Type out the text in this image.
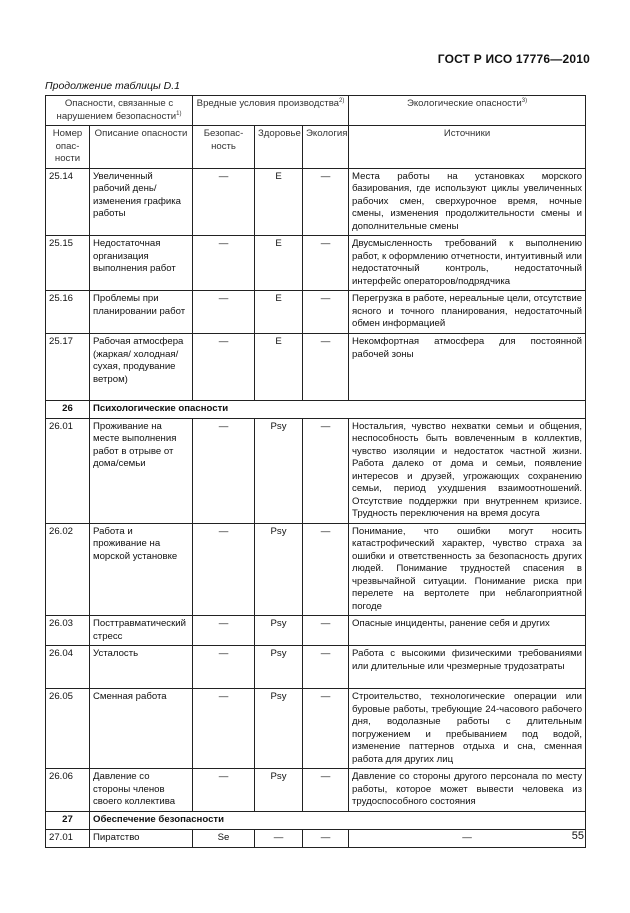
ГОСТ Р ИСО 17776—2010
Продолжение таблицы D.1
Опасности, связанные с нарушением безопасности$^{1)}$		Вредные условия производства$^{2)}$			Экологические опасности$^{3)}$
Номер опас-ности	Описание опасности	Безопас-ность	Здоровье	Экология	Источники
25.14	Увеличенный рабочий день/ изменения графика работы	—	E	—	Места работы на установках морского базирования, где используют циклы увеличенных рабочих смен, сверхурочное время, ночные смены, изменения продолжительности смены и дополнительные смены
25.15	Недостаточная организация выполнения работ	—	E	—	Двусмысленность требований к выполнению работ, к оформлению отчетности, интуитивный или недостаточный контроль, недостаточный интерфейс операторов/подрядчика
25.16	Проблемы при планировании работ	—	E	—	Перегрузка в работе, нереальные цели, отсутствие ясного и точного планирования, недостаточный обмен информацией
25.17	Рабочая атмосфера (жаркая/ холодная/ сухая, продувание ветром)	—	E	—	Некомфортная атмосфера для постоянной рабочей зоны
26	Психологические опасности				
26.01	Проживание на месте выполнения работ в отрыве от дома/семьи	—	Psy	—	Ностальгия, чувство нехватки семьи и общения, неспособность быть вовлеченным в коллектив, чувство изоляции и недостаток частной жизни. Работа далеко от дома и семьи, появление интересов и друзей, угрожающих сохранению семьи, период ухудшения взаимоотношений. Отсутствие поддержки при внутреннем кризисе. Трудность переключения на время досуга
26.02	Работа и проживание на морской установке	—	Psy	—	Понимание, что ошибки могут носить катастрофический характер, чувство страха за ошибки и ответственность за безопасность других людей. Понимание трудностей спасения в чрезвычайной ситуации. Понимание риска при перелете на вертолете при неблагоприятной погоде
26.03	Посттравматический стресс	—	Psy	—	Опасные инциденты, ранение себя и других
26.04	Усталость	—	Psy	—	Работа с высокими физическими требованиями или длительные или чрезмерные трудозатраты
26.05	Сменная работа	—	Psy	—	Строительство, технологические операции или буровые работы, требующие 24-часового рабочего дня, водолазные работы с длительным погружением и пребыванием под водой, изменение паттернов отдыха и сна, сменная работа для других лиц
26.06	Давление со стороны членов своего коллектива	—	Psy	—	Давление со стороны другого персонала по месту работы, которое может вывести человека из трудоспособного состояния
27	Обеспечение безопасности				
27.01	Пиратство	Se	—	—	—	55
